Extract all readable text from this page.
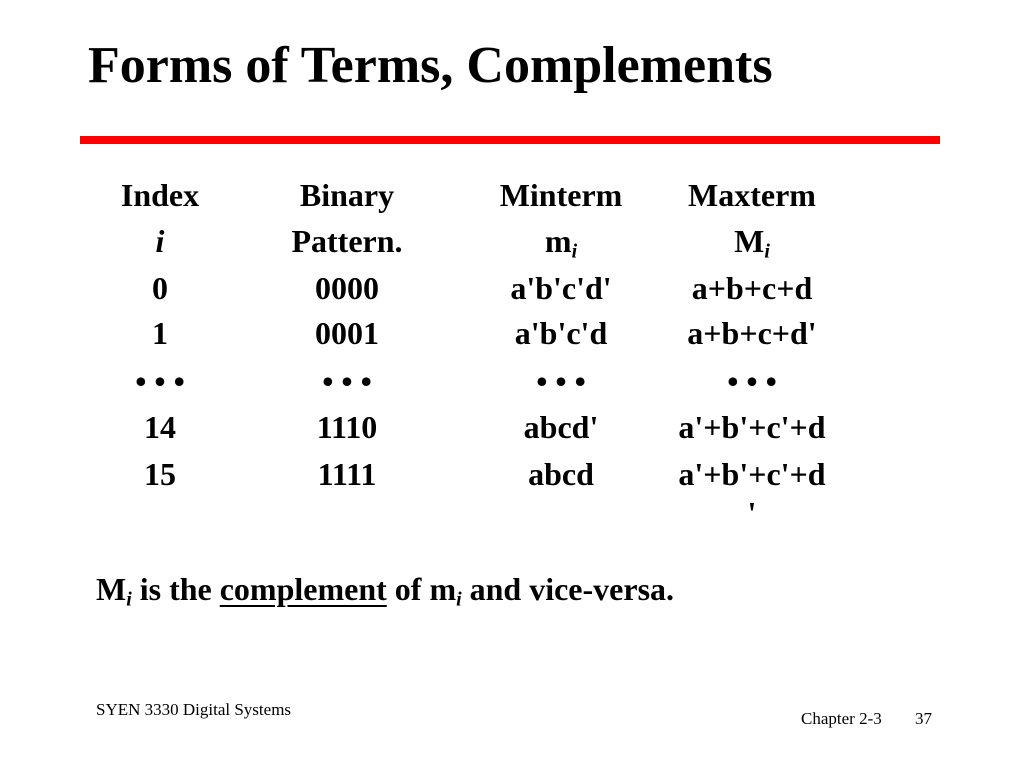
Forms of Terms, Complements
Index	Binary	Minterm	Maxterm
i	Pattern.	$m_i$	$M_i$
0	0000	a'b'c'd'	a+b+c+d
1	0001	a'b'c'd	a+b+c+d'
• • •	• • •	• • •	• • •
14	1110	abcd'	a'+b'+c'+d
15	1111	abcd	a'+b'+c'+d
'
$M_i$ is the complement of $m_i$ and vice-versa.
SYEN 3330 Digital Systems	Chapter 2-3 37
